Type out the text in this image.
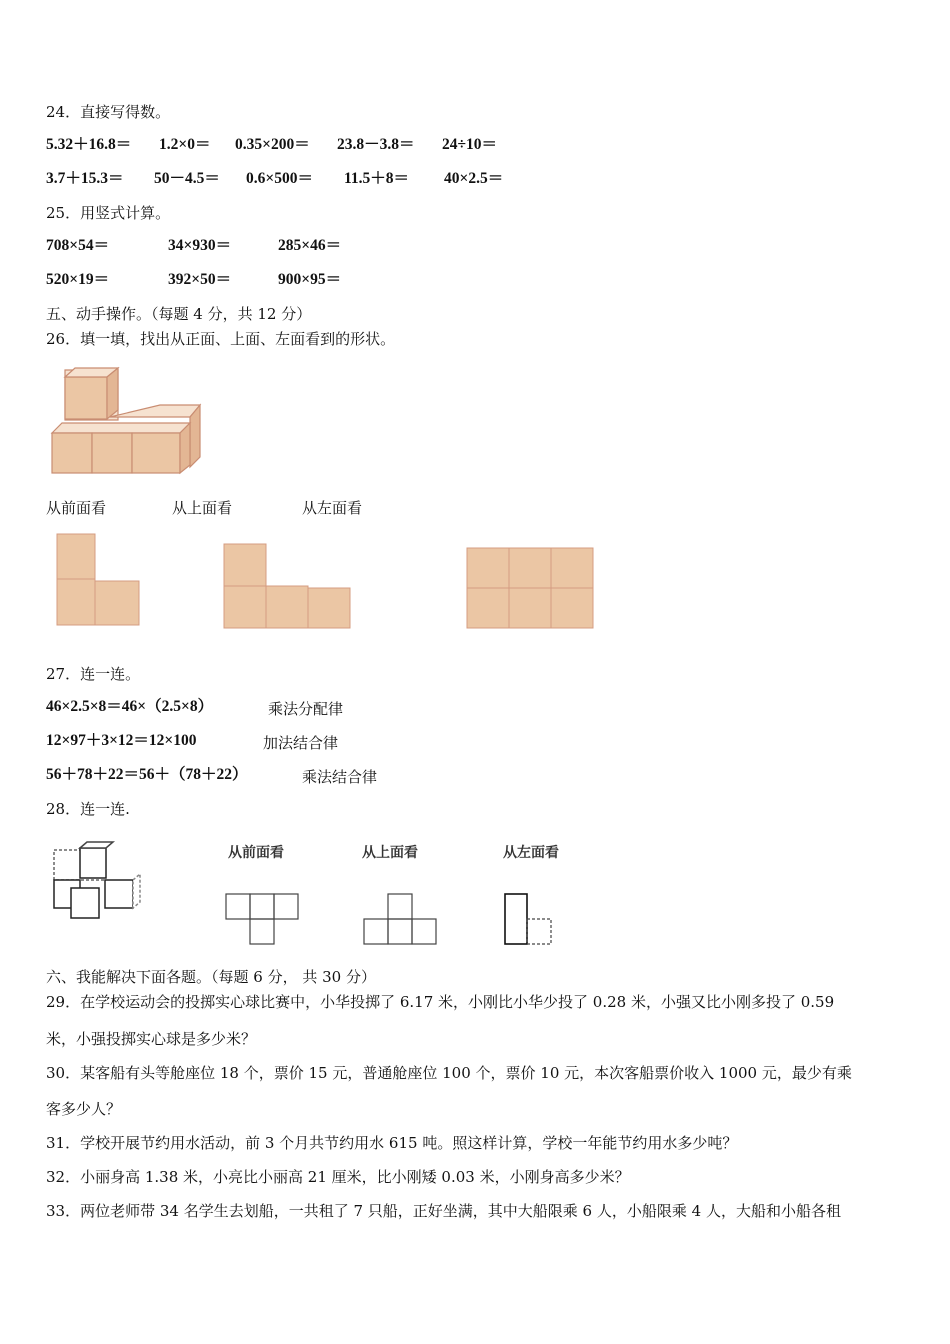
24．直接写得数。
5.32＋16.8＝ 1.2×0＝ 0.35×200＝ 23.8－3.8＝ 24÷10＝
3.7＋15.3＝ 50－4.5＝ 0.6×500＝ 11.5＋8＝ 40×2.5＝
25．用竖式计算。
708×54＝	34×930＝	285×46＝
520×19＝	392×50＝	900×95＝
五、动手操作。（每题 4 分，共 12 分）
26．填一填，找出从正面、上面、左面看到的形状。
从前面看	从上面看	从左面看
27．连一连。
46×2.5×8＝46×（2.5×8）	乘法分配律
12×97＋3×12＝12×100	加法结合律
56＋78＋22＝56＋（78＋22）	乘法结合律
28．连一连.
从前面看	从上面看	从左面看
六、我能解决下面各题。（每题 6 分， 共 30 分）
29．在学校运动会的投掷实心球比赛中，小华投掷了 6.17 米，小刚比小华少投了 0.28 米，小强又比小刚多投了 0.59
米，小强投掷实心球是多少米？
30．某客船有头等舱座位 18 个，票价 15 元，普通舱座位 100 个，票价 10 元，本次客船票价收入 1000 元，最少有乘
客多少人？
31．学校开展节约用水活动，前 3 个月共节约用水 615 吨。照这样计算，学校一年能节约用水多少吨？
32．小丽身高 1.38 米，小亮比小丽高 21 厘米，比小刚矮 0.03 米，小刚身高多少米？
33．两位老师带 34 名学生去划船，一共租了 7 只船，正好坐满，其中大船限乘 6 人，小船限乘 4 人，大船和小船各租
